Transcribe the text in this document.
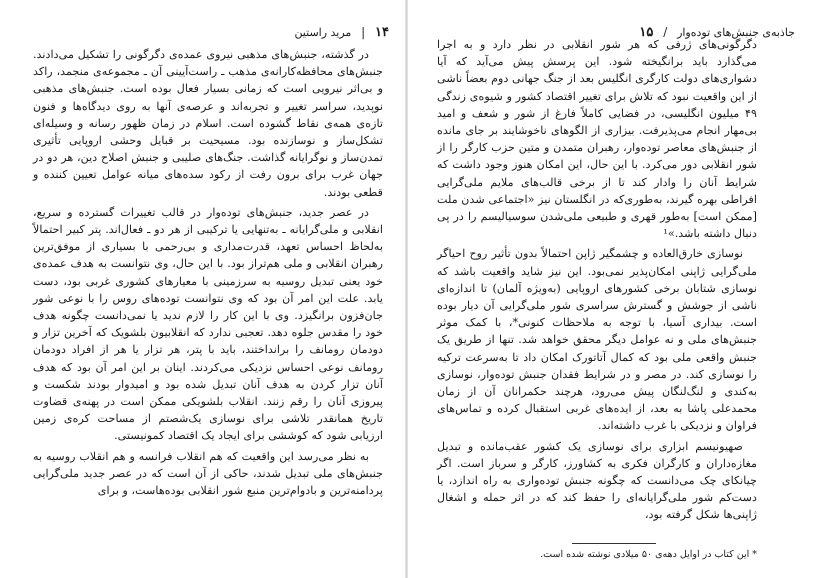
۱۴ | مرید راستین

در گذشته، جنبش‌های مذهبی نیروی عمده‌ی دگرگونی را تشکیل می‌دادند. جنبش‌های محافظه‌کارانه‌ی مذهب ـ راست‌آیینی آن ـ مجموعه‌ی منجمد، راکد و بی‌اثر نیرویی است که زمانی بسیار فعال بوده است. جنبش‌های مذهبی نوپدید، سراسر تغییر و تجربه‌اند و عرصه‌ی آنها به روی دیدگاه‌ها و فنون تازه‌ی همه‌ی نقاط گشوده است. اسلام در زمان ظهور رسانه و وسیله‌ای تشکل‌ساز و نوسازنده بود. مسیحیت بر قبایل وحشی اروپایی تأثیری تمدن‌ساز و نوگرایانه گذاشت. جنگ‌های صلیبی و جنبش اصلاح دین، هر دو در جهان غرب برای برون رفت از رکود سده‌های میانه عوامل تعیین کننده و قطعی بودند.

در عصر جدید، جنبش‌های توده‌وار در قالب تغییرات گسترده و سریع، انقلابی و ملی‌گرایانه ـ به‌تنهایی یا ترکیبی از هر دو ـ فعال‌اند. پتر کبیر احتمالاً به‌لحاظ احساس تعهد، قدرت‌مداری و بی‌رحمی با بسیاری از موفق‌ترین رهبران انقلابی و ملی هم‌تراز بود. با این حال، وی نتوانست به هدف عمده‌ی خود یعنی تبدیل روسیه به سرزمینی با معیارهای کشوری غربی بود، دست یابد. علت این امر آن بود که وی نتوانست توده‌های روس را با نوعی شور جان‌فزون برانگیزد. وی با این کار را لازم ندید یا نمی‌دانست چگونه هدف خود را مقدس جلوه دهد. تعجبی ندارد که انقلابیون بلشویک که آخرین تزار و دودمان رومانف را برانداختند، باید با پتر، هر تزار یا هر از افراد دودمان رومانف نوعی احساس نزدیکی می‌کردند. اینان بر این امر آن بود که هدف آنان تزار کردن به هدف آنان تبدیل شده بود و امیدوار بودند شکست و پیروزی آنان را رقم زنند. انقلاب بلشویکی ممکن است در پهنه‌ی قضاوت تاریخ همانقدر تلاشی برای نوسازی یک‌شصتم از مساحت کره‌ی زمین ارزیابی شود که کوششی برای ایجاد یک اقتصاد کمونیستی.

به نظر می‌رسد این واقعیت که هم انقلاب فرانسه و هم انقلاب روسیه به جنبش‌های ملی تبدیل شدند، حاکی از آن است که در عصر جدید ملی‌گرایی پردامنه‌ترین و بادوام‌ترین منبع شور انقلابی بوده‌هاست، و برای

جاذبه‌ی جنبش‌های توده‌وار / ۱۵

دگرگونی‌های ژرفی که هر شور انقلابی در نظر دارد و به اجرا می‌گذارد باید برانگیخته شود. این پرسش پیش می‌آید که آیا دشواری‌های دولت کارگری انگلیس بعد از جنگ جهانی دوم بعضاً ناشی از این واقعیت نبود که تلاش برای تغییر اقتصاد کشور و شیوه‌ی زندگی ۴۹ میلیون انگلیسی، در فضایی کاملاً فارغ از شور و شعف و امید بی‌مهار انجام می‌پذیرفت. بیزاری از الگوهای ناخوشایند بر جای مانده از جنبش‌های معاصر توده‌وار، رهبران متمدن و متین حزب کارگر را از شور انقلابی دور می‌کرد. با این حال، این امکان هنوز وجود داشت که شرایط آنان را وادار کند تا از برخی قالب‌های ملایم ملی‌گرایی افراطی بهره گیرند، به‌طوری‌که در انگلستان نیز «اجتماعی شدن ملت [ممکن است] به‌طور قهری و طبیعی ملی‌شدن سوسیالیسم را در پی دنبال داشته باشد.»¹

نوسازی خارق‌العاده و چشمگیر ژاپن احتمالاً بدون تأثیر روح احیاگر ملی‌گرایی ژاپنی امکان‌پذیر نمی‌بود. این نیز شاید واقعیت باشد که نوسازی شتابان برخی کشورهای اروپایی (به‌ویژه آلمان) تا اندازه‌ای ناشی از جوشش و گسترش سراسری شور ملی‌گرایی آن دیار بوده است. بیداری آسیا، با توجه به ملاحظات کنونی*، با کمک موثر جنبش‌های ملی و نه عوامل دیگر محقق خواهد شد. تنها از طریق یک جنبش واقعی ملی بود که کمال آتاتورک امکان داد تا به‌سرعت ترکیه را نوسازی کند. در مصر و در شرایط فقدان جنبش توده‌وار، نوسازی به‌کندی و لنگ‌لنگان پیش می‌رود، هرچند حکمرانان آن از زمان محمدعلی پاشا به بعد، از ایده‌های غربی استقبال کرده و تماس‌های فراوان و نزدیکی با غرب داشته‌اند.

صهیونیسم ابزاری برای نوسازی یک کشور عقب‌مانده و تبدیل مغازه‌داران و کارگران فکری به کشاورز، کارگر و سرباز است. اگر چیانکای چک می‌دانست که چگونه جنبش توده‌واری به راه اندازد، یا دست‌کم شور ملی‌گرایانه‌ای را حفظ کند که در اثر حمله و اشغال ژاپنی‌ها شکل گرفته بود،

* این کتاب در اوایل دهه‌ی ۵۰ میلادی نوشته شده است.
